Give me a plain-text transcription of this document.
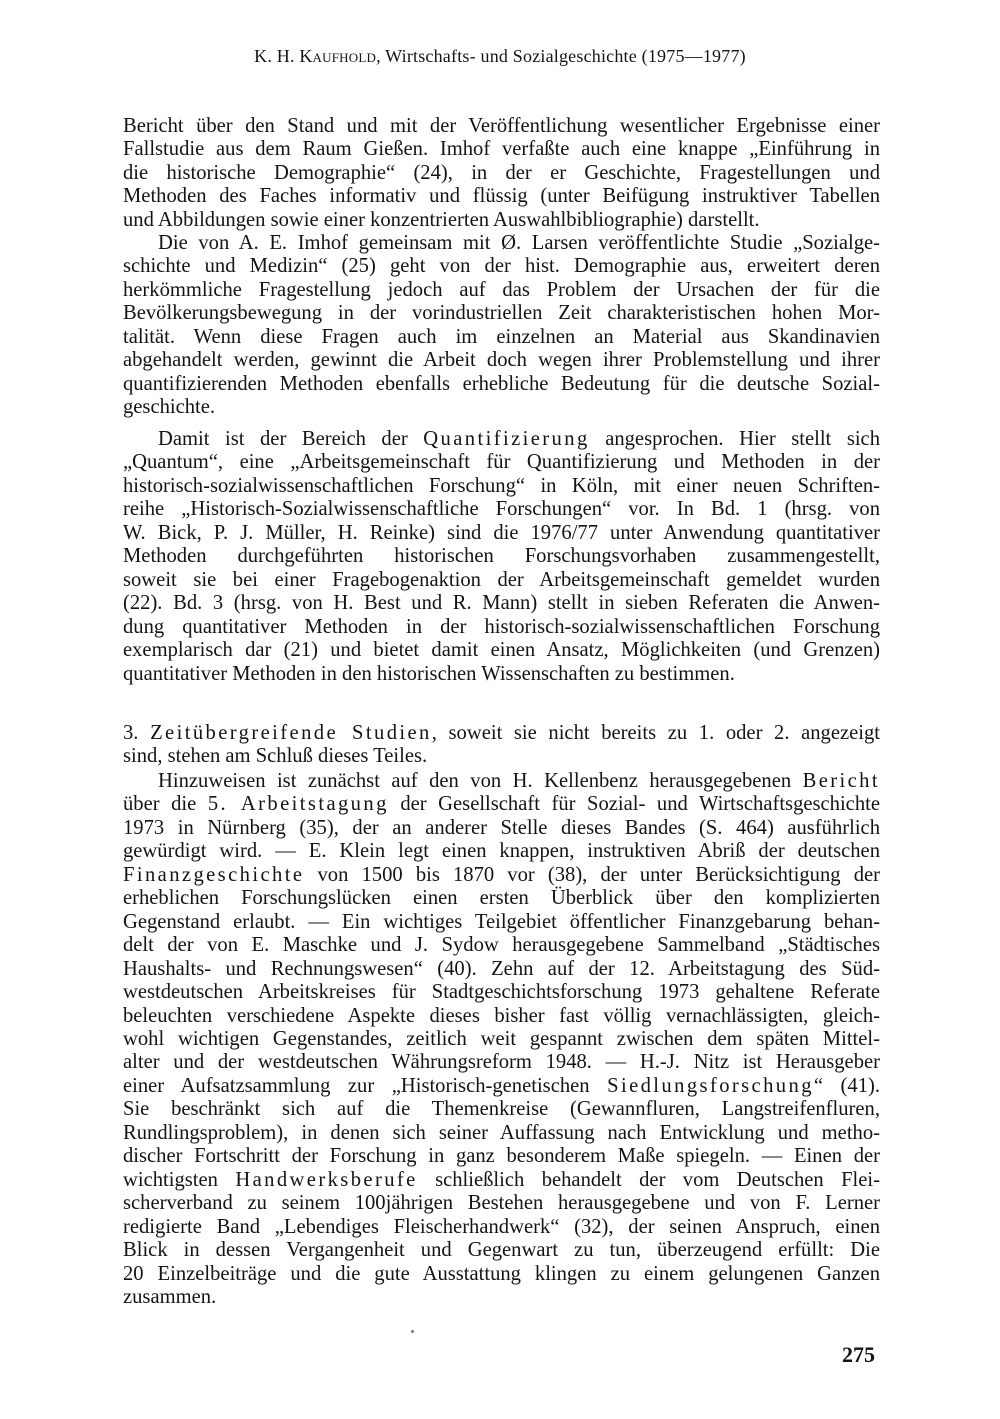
K. H. Kaufhold, Wirtschafts- und Sozialgeschichte (1975—1977)
Bericht über den Stand und mit der Veröffentlichung wesentlicher Ergebnisse einer
Fallstudie aus dem Raum Gießen. Imhof verfaßte auch eine knappe „Einführung in
die historische Demographie“ (24), in der er Geschichte, Fragestellungen und
Methoden des Faches informativ und flüssig (unter Beifügung instruktiver Tabellen
und Abbildungen sowie einer konzentrierten Auswahlbibliographie) darstellt.
Die von A. E. Imhof gemeinsam mit Ø. Larsen veröffentlichte Studie „Sozialge-
schichte und Medizin“ (25) geht von der hist. Demographie aus, erweitert deren
herkömmliche Fragestellung jedoch auf das Problem der Ursachen der für die
Bevölkerungsbewegung in der vorindustriellen Zeit charakteristischen hohen Mor-
talität. Wenn diese Fragen auch im einzelnen an Material aus Skandinavien
abgehandelt werden, gewinnt die Arbeit doch wegen ihrer Problemstellung und ihrer
quantifizierenden Methoden ebenfalls erhebliche Bedeutung für die deutsche Sozial-
geschichte.
Damit ist der Bereich der Quantifizierung angesprochen. Hier stellt sich
„Quantum“, eine „Arbeitsgemeinschaft für Quantifizierung und Methoden in der
historisch-sozialwissenschaftlichen Forschung“ in Köln, mit einer neuen Schriften-
reihe „Historisch-Sozialwissenschaftliche Forschungen“ vor. In Bd. 1 (hrsg. von
W. Bick, P. J. Müller, H. Reinke) sind die 1976/77 unter Anwendung quantitativer
Methoden durchgeführten historischen Forschungsvorhaben zusammengestellt,
soweit sie bei einer Fragebogenaktion der Arbeitsgemeinschaft gemeldet wurden
(22). Bd. 3 (hrsg. von H. Best und R. Mann) stellt in sieben Referaten die Anwen-
dung quantitativer Methoden in der historisch-sozialwissenschaftlichen Forschung
exemplarisch dar (21) und bietet damit einen Ansatz, Möglichkeiten (und Grenzen)
quantitativer Methoden in den historischen Wissenschaften zu bestimmen.
3. Zeitübergreifende Studien, soweit sie nicht bereits zu 1. oder 2. angezeigt
sind, stehen am Schluß dieses Teiles.
Hinzuweisen ist zunächst auf den von H. Kellenbenz herausgegebenen Bericht
über die 5. Arbeitstagung der Gesellschaft für Sozial- und Wirtschaftsgeschichte
1973 in Nürnberg (35), der an anderer Stelle dieses Bandes (S. 464) ausführlich
gewürdigt wird. — E. Klein legt einen knappen, instruktiven Abriß der deutschen
Finanzgeschichte von 1500 bis 1870 vor (38), der unter Berücksichtigung der
erheblichen Forschungslücken einen ersten Überblick über den komplizierten
Gegenstand erlaubt. — Ein wichtiges Teilgebiet öffentlicher Finanzgebarung behan-
delt der von E. Maschke und J. Sydow herausgegebene Sammelband „Städtisches
Haushalts- und Rechnungswesen“ (40). Zehn auf der 12. Arbeitstagung des Süd-
westdeutschen Arbeitskreises für Stadtgeschichtsforschung 1973 gehaltene Referate
beleuchten verschiedene Aspekte dieses bisher fast völlig vernachlässigten, gleich-
wohl wichtigen Gegenstandes, zeitlich weit gespannt zwischen dem späten Mittel-
alter und der westdeutschen Währungsreform 1948. — H.-J. Nitz ist Herausgeber
einer Aufsatzsammlung zur „Historisch-genetischen Siedlungsforschung“ (41).
Sie beschränkt sich auf die Themenkreise (Gewannfluren, Langstreifenfluren,
Rundlingsproblem), in denen sich seiner Auffassung nach Entwicklung und metho-
discher Fortschritt der Forschung in ganz besonderem Maße spiegeln. — Einen der
wichtigsten Handwerksberufe schließlich behandelt der vom Deutschen Flei-
scherverband zu seinem 100jährigen Bestehen herausgegebene und von F. Lerner
redigierte Band „Lebendiges Fleischerhandwerk“ (32), der seinen Anspruch, einen
Blick in dessen Vergangenheit und Gegenwart zu tun, überzeugend erfüllt: Die
20 Einzelbeiträge und die gute Ausstattung klingen zu einem gelungenen Ganzen
zusammen.
275
